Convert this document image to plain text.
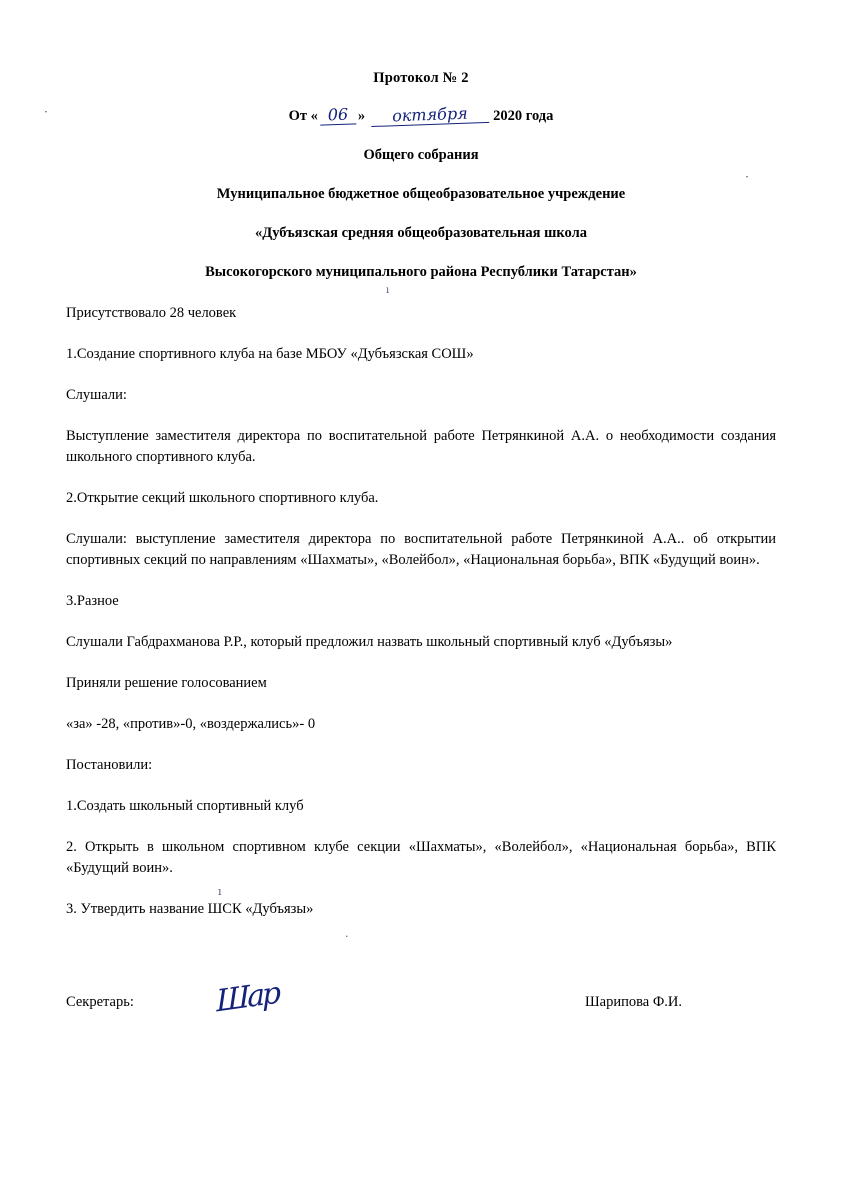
Протокол № 2
От « 06 »	октября	2020 года
Общего собрания
Муниципальное бюджетное общеобразовательное учреждение
«Дубъязская средняя общеобразовательная школа
Высокогорского муниципального района Республики Татарстан»
Присутствовало 28 человек
1.Создание спортивного клуба на базе МБОУ «Дубъязская СОШ»
Слушали:
Выступление заместителя директора по воспитательной работе Петрянкиной А.А. о необходимости создания школьного спортивного клуба.
2.Открытие секций школьного спортивного клуба.
Слушали: выступление заместителя директора по воспитательной работе Петрянкиной А.А.. об открытии спортивных секций по направлениям «Шахматы», «Волейбол», «Национальная борьба», ВПК «Будущий воин».
3.Разное
Слушали Габдрахманова Р.Р., который предложил назвать школьный спортивный клуб «Дубъязы»
Приняли решение голосованием
«за» -28, «против»-0, «воздержались»- 0
Постановили:
1.Создать школьный спортивный клуб
2. Открыть в школьном спортивном клубе секции «Шахматы», «Волейбол», «Национальная борьба», ВПК «Будущий воин».
3. Утвердить название ШСК «Дубъязы»
Секретарь:	Шар	Шарипова Ф.И.
·
·
ı
·
ı
